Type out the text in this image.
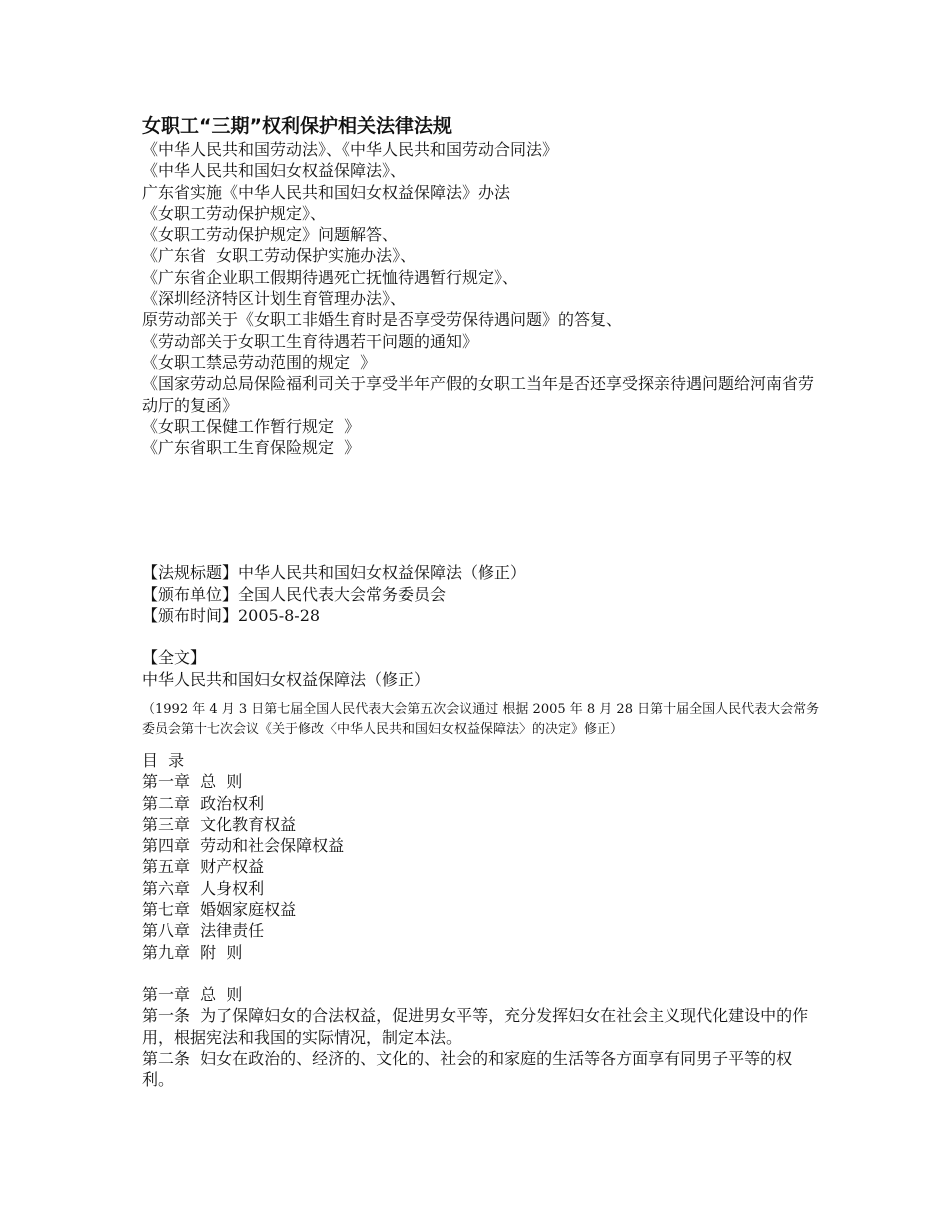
女职工“三期”权利保护相关法律法规

《中华人民共和国劳动法》、《中华人民共和国劳动合同法》

《中华人民共和国妇女权益保障法》、

广东省实施《中华人民共和国妇女权益保障法》办法

《女职工劳动保护规定》、

《女职工劳动保护规定》问题解答、

《广东省  女职工劳动保护实施办法》、

《广东省企业职工假期待遇死亡抚恤待遇暂行规定》、

《深圳经济特区计划生育管理办法》、

原劳动部关于《女职工非婚生育时是否享受劳保待遇问题》的答复、

《劳动部关于女职工生育待遇若干问题的通知》

《女职工禁忌劳动范围的规定  》

《国家劳动总局保险福利司关于享受半年产假的女职工当年是否还享受探亲待遇问题给河南省劳动厅的复函》

《女职工保健工作暂行规定  》

《广东省职工生育保险规定  》

【法规标题】中华人民共和国妇女权益保障法（修正）

【颁布单位】全国人民代表大会常务委员会

【颁布时间】2005-8-28

【全文】

中华人民共和国妇女权益保障法（修正）

（1992 年 4 月 3 日第七届全国人民代表大会第五次会议通过 根据 2005 年 8 月 28 日第十届全国人民代表大会常务委员会第十七次会议《关于修改〈中华人民共和国妇女权益保障法〉的决定》修正）

目  录

第一章  总  则

第二章  政治权利

第三章  文化教育权益

第四章  劳动和社会保障权益

第五章  财产权益

第六章  人身权利

第七章  婚姻家庭权益

第八章  法律责任

第九章  附  则

第一章  总  则

第一条  为了保障妇女的合法权益，促进男女平等，充分发挥妇女在社会主义现代化建设中的作用，根据宪法和我国的实际情况，制定本法。

第二条  妇女在政治的、经济的、文化的、社会的和家庭的生活等各方面享有同男子平等的权利。
